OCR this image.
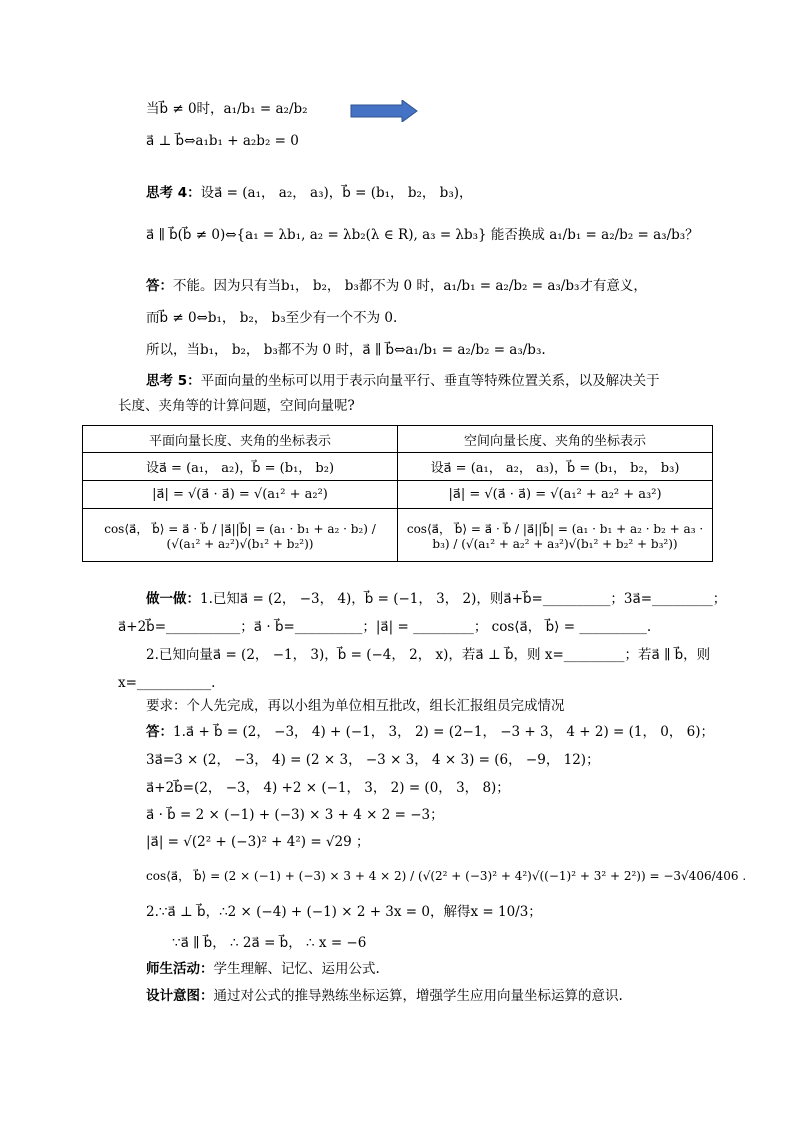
当b⃗ ≠ 0时，a₁/b₁ = a₂/b₂
a⃗ ⊥ b⃗⇔a₁b₁ + a₂b₂ = 0
思考 4：设a⃗ = (a₁， a₂， a₃)，b⃗ = (b₁， b₂， b₃)，
a⃗ ∥ b⃗(b⃗ ≠ 0)⇔{a₁ = λb₁, a₂ = λb₂(λ ∈ R), a₃ = λb₃} 能否换成 a₁/b₁ = a₂/b₂ = a₃/b₃？
答：不能。因为只有当b₁， b₂， b₃都不为 0 时，a₁/b₁ = a₂/b₂ = a₃/b₃才有意义，
而b⃗ ≠ 0⇔b₁， b₂， b₃至少有一个不为 0.
所以，当b₁， b₂， b₃都不为 0 时，a⃗ ∥ b⃗⇔a₁/b₁ = a₂/b₂ = a₃/b₃.
思考 5：平面向量的坐标可以用于表示向量平行、垂直等特殊位置关系，以及解决关于
长度、夹角等的计算问题，空间向量呢?
平面向量长度、夹角的坐标表示	空间向量长度、夹角的坐标表示
设a⃗ = (a₁， a₂)，b⃗ = (b₁， b₂)	设a⃗ = (a₁， a₂， a₃)，b⃗ = (b₁， b₂， b₃)
|a⃗| = √(a⃗ · a⃗) = √(a₁² + a₂²)	|a⃗| = √(a⃗ · a⃗) = √(a₁² + a₂² + a₃²)
cos⟨a⃗， b⃗⟩ = a⃗ · b⃗ / |a⃗||b⃗| = (a₁ · b₁ + a₂ · b₂) / (√(a₁² + a₂²)√(b₁² + b₂²))	cos⟨a⃗， b⃗⟩ = a⃗ · b⃗ / |a⃗||b⃗| = (a₁ · b₁ + a₂ · b₂ + a₃ · b₃) / (√(a₁² + a₂² + a₃²)√(b₁² + b₂² + b₃²))
做一做：1.已知a⃗ = (2， −3， 4)，b⃗ = (−1， 3， 2)，则a⃗+b⃗=__________；3a⃗=_________；
a⃗+2b⃗=___________；a⃗ · b⃗=__________；|a⃗| = _________； cos⟨a⃗， b⃗⟩ = __________.
2.已知向量a⃗ = (2， −1， 3)，b⃗ = (−4， 2， x)，若a⃗ ⊥ b⃗，则 x=_________；若a⃗ ∥ b⃗，则
x=___________.
要求：个人先完成，再以小组为单位相互批改，组长汇报组员完成情况
答：1.a⃗ + b⃗ = (2， −3， 4) + (−1， 3， 2) = (2−1， −3 + 3， 4 + 2) = (1， 0， 6)；
3a⃗=3 × (2， −3， 4) = (2 × 3， −3 × 3， 4 × 3) = (6， −9， 12)；
a⃗+2b⃗=(2， −3， 4) +2 × (−1， 3， 2) = (0， 3， 8)；
a⃗ · b⃗ = 2 × (−1) + (−3) × 3 + 4 × 2 = −3；
|a⃗| = √(2² + (−3)² + 4²) = √29 ；
cos⟨a⃗， b⃗⟩ = (2 × (−1) + (−3) × 3 + 4 × 2) / (√(2² + (−3)² + 4²)√((−1)² + 3² + 2²)) = −3√406/406 .
2.∵a⃗ ⊥ b⃗，∴2 × (−4) + (−1) × 2 + 3x = 0，解得x = 10/3；
∵a⃗ ∥ b⃗， ∴ 2a⃗ = b⃗， ∴ x = −6
师生活动：学生理解、记忆、运用公式.
设计意图：通过对公式的推导熟练坐标运算，增强学生应用向量坐标运算的意识.
